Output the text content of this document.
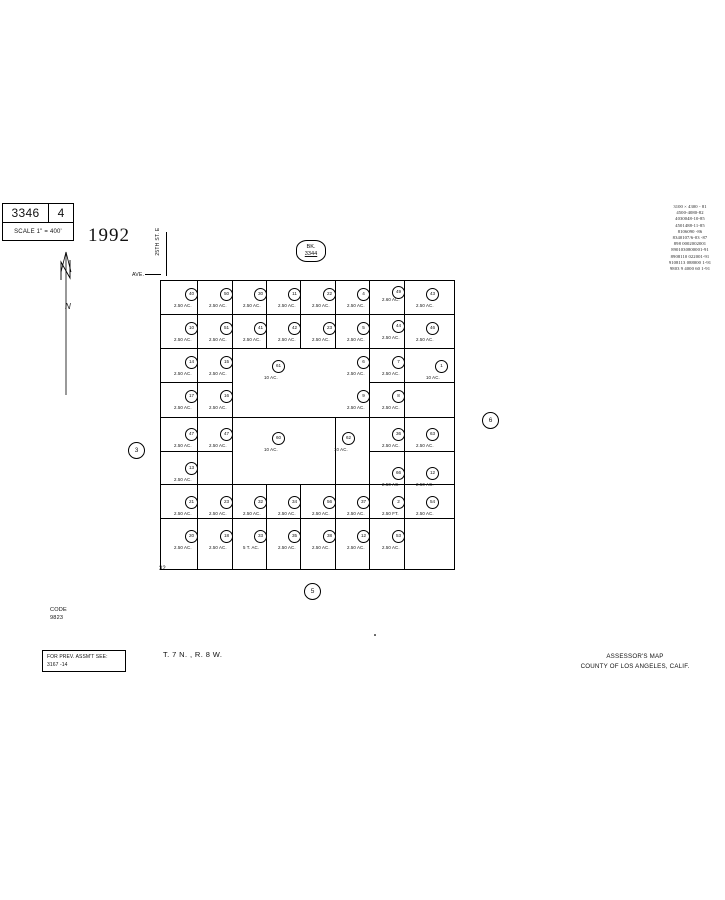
3346	4
SCALE 1" = 400'	1992
N
3100 × 4300 - 81
4500-4080-82
4030048-10-85
4501488-11-85
8106090 -86
8340107/6-03 -87
898 0002002001
8901030800001-91
8908110 022001-91
9108113 088000 1-91
9803 9 4000 60 1-91
BK.
3344
AVE.
25TH ST. E
3
6
5
32
40
2.50 AC.
50
2.50 AC.
30
2.50 AC.
11
2.50 AC.
22
2.50 AC.
4
2.50 AC.
49
2.60 AC.
43
2.50 AC.
10
2.50 AC.
51
2.50 AC.
41
2.50 AC.
42
2.50 AC.
23
2.50 AC.
5
2.50 AC.
44
2.50 AC.
46
2.50 AC.
14
2.50 AC.
15
2.50 AC.
61
10 AC.
6
2.50 AC.
7
2.50 AC.
1
10 AC.
17
2.50 AC.
16
2.50 AC.
9
2.50 AC.
8
2.50 AC.
47
2.50 AC.
47
2.50 AC.
60
10 AC.
62
10 AC.
36
2.50 AC.
63
2.50 AC.
13
2.50 AC.
66
2.50 AC.
12
2.50 AC.
21
2.50 AC.
23
2.50 AC.
32
2.50 AC.
34
2.50 AC.
56
2.50 AC.
37
2.50 AC.
2
2.50 FT.
54
2.50 AC.
20
2.50 AC.
18
2.50 AC.
33
5 T. AC.
35
2.50 AC.
38
2.50 AC.
12
2.50 AC.
53
2.50 AC.
CODE
9823
FOR PREV. ASSM'T SEE:
3167 -14
T. 7 N. , R. 8 W.	ASSESSOR'S MAP
COUNTY OF LOS ANGELES, CALIF.
